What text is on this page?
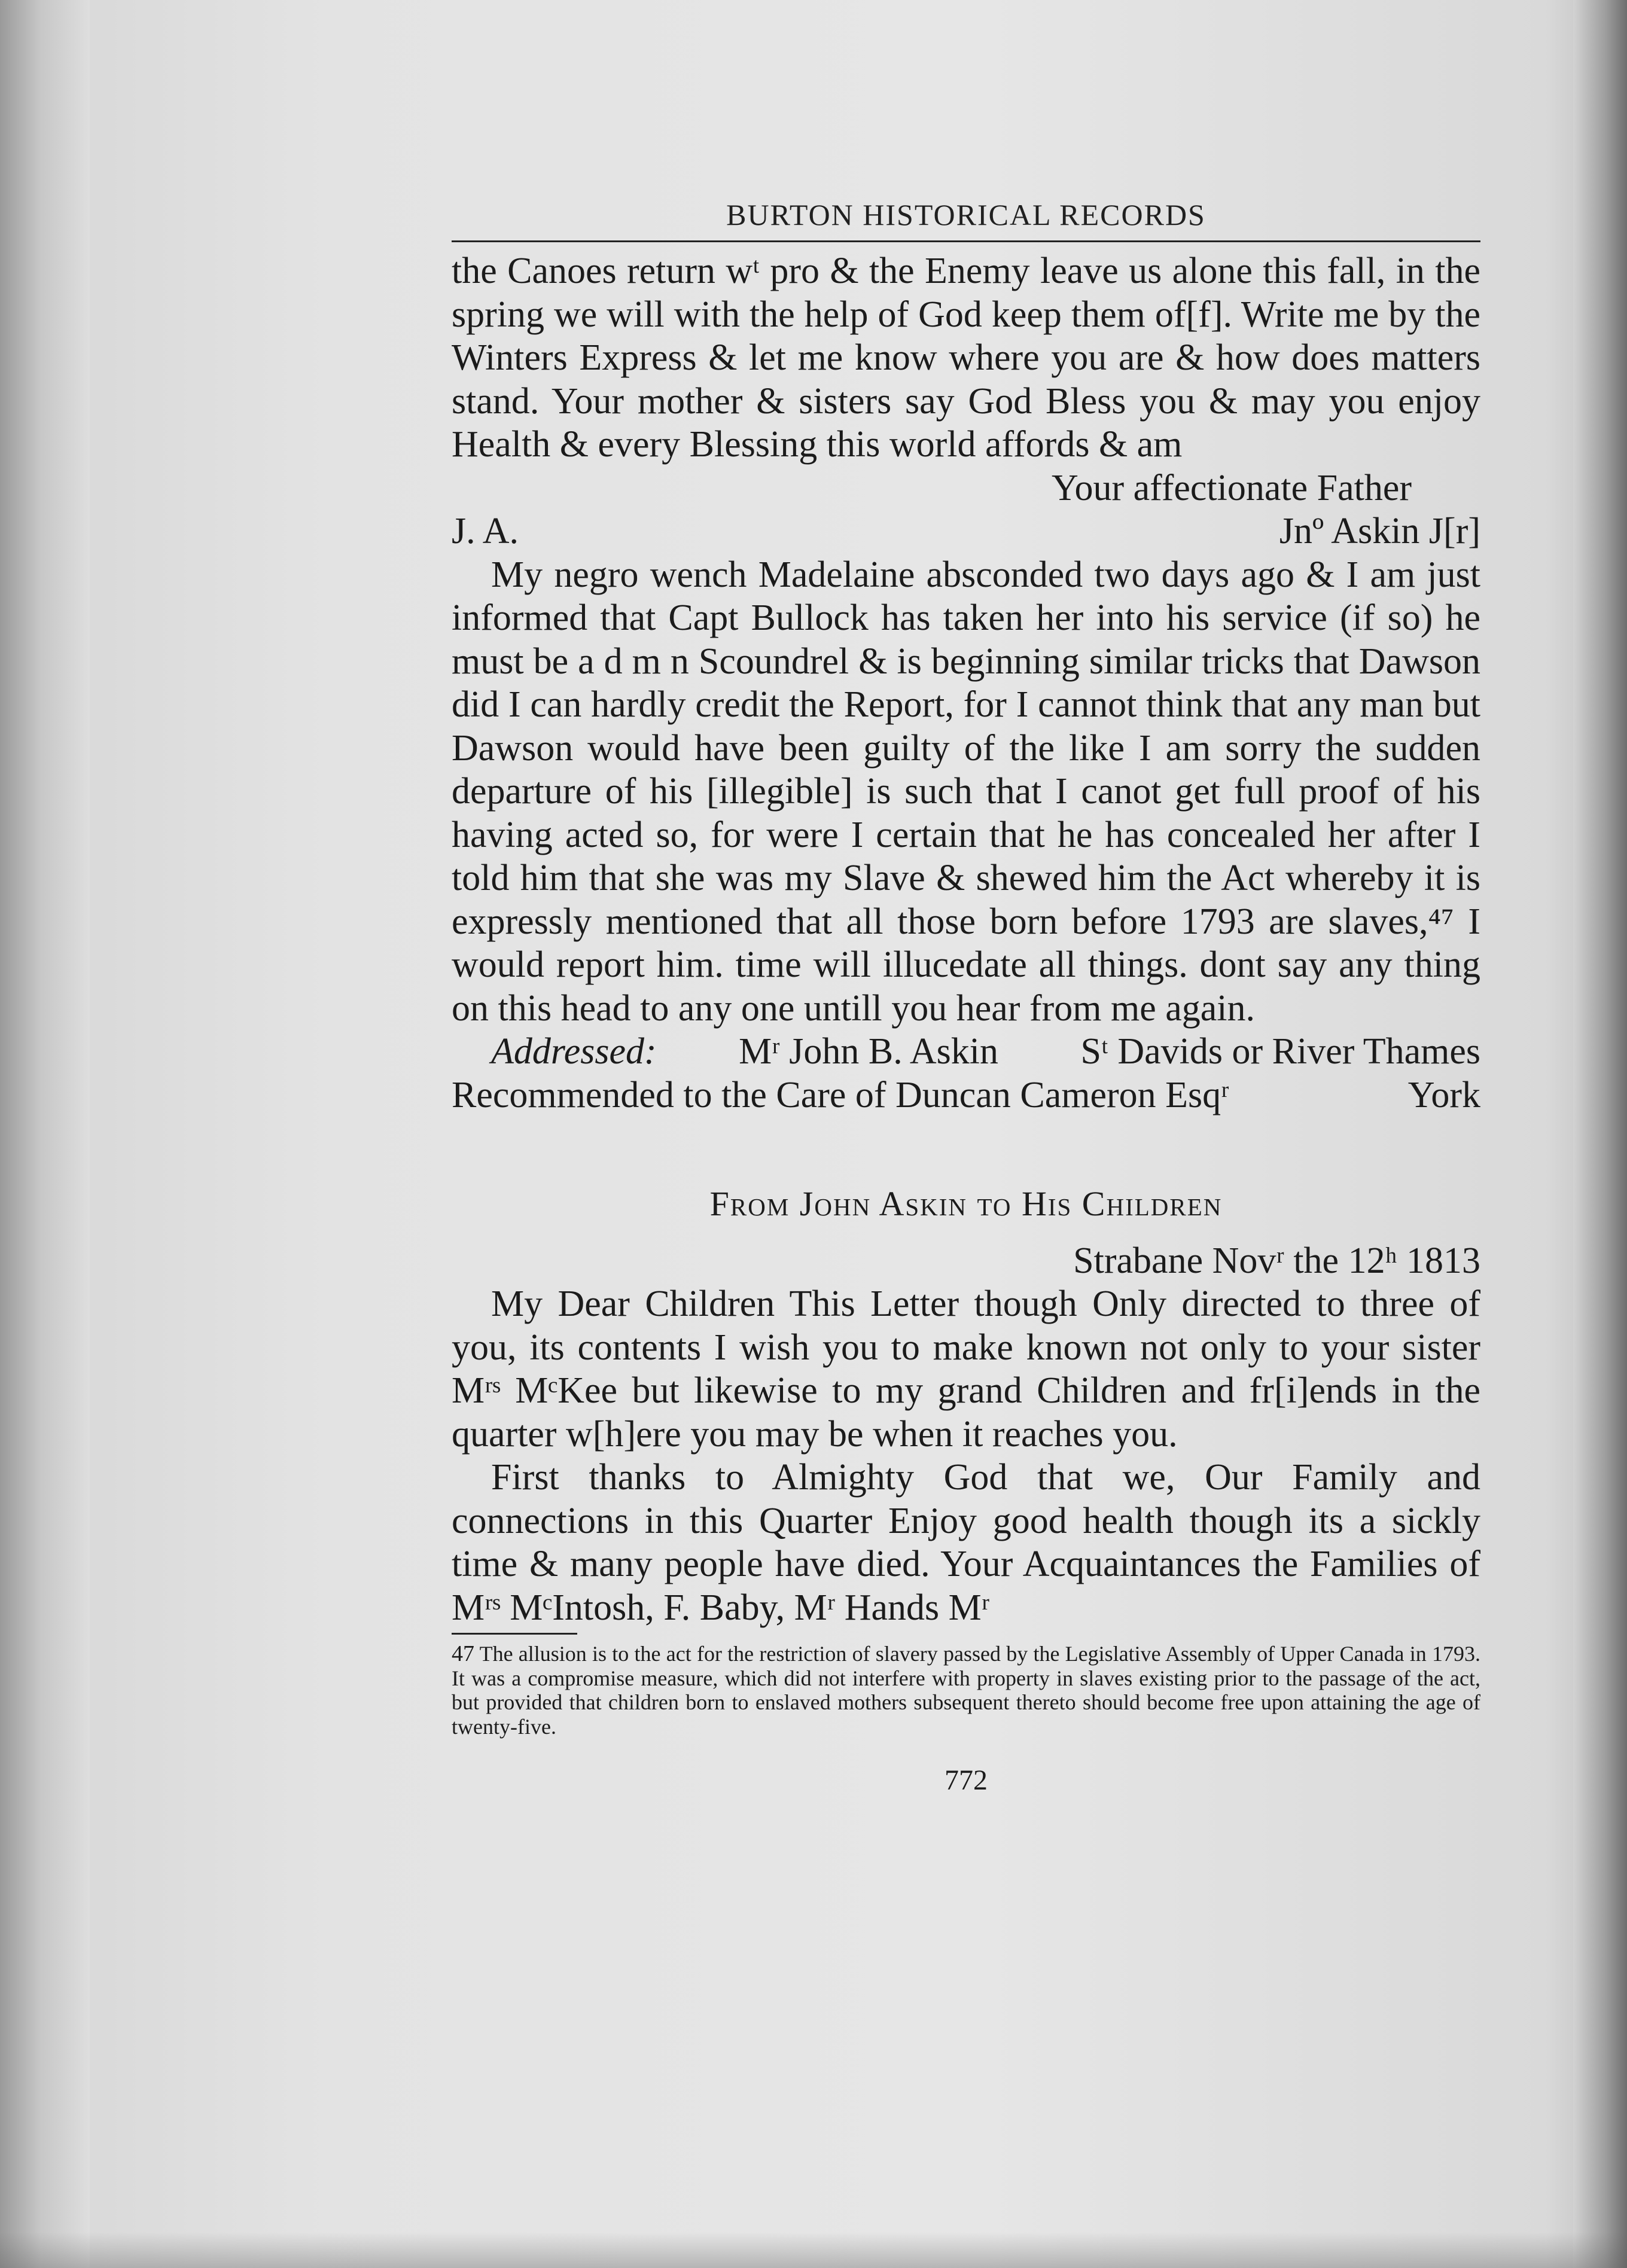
BURTON HISTORICAL RECORDS

the Canoes return wᵗ pro & the Enemy leave us alone this fall, in the spring we will with the help of God keep them of[f]. Write me by the Winters Express & let me know where you are & how does matters stand. Your mother & sisters say God Bless you & may you enjoy Health & every Blessing this world affords & am

Your affectionate Father

J. A.	Jnº Askin J[r]

My negro wench Madelaine absconded two days ago & I am just informed that Capt Bullock has taken her into his service (if so) he must be a d m n Scoundrel & is beginning similar tricks that Dawson did I can hardly credit the Report, for I cannot think that any man but Dawson would have been guilty of the like I am sorry the sudden departure of his [illegible] is such that I canot get full proof of his having acted so, for were I certain that he has concealed her after I told him that she was my Slave & shewed him the Act whereby it is expressly mentioned that all those born before 1793 are slaves,⁴⁷ I would report him. time will illucedate all things. dont say any thing on this head to any one untill you hear from me again.

Addressed: Mʳ John B. Askin Sᵗ Davids or River Thames
Recommended to the Care of Duncan Cameron Esqʳ	York
From John Askin to His Children

Strabane Novʳ the 12ʰ 1813

My Dear Children This Letter though Only directed to three of you, its contents I wish you to make known not only to your sister Mʳˢ MᶜKee but likewise to my grand Children and fr[i]ends in the quarter w[h]ere you may be when it reaches you.

First thanks to Almighty God that we, Our Family and connections in this Quarter Enjoy good health though its a sickly time & many people have died. Your Acquaintances the Families of Mʳˢ MᶜIntosh, F. Baby, Mʳ Hands Mʳ

47 The allusion is to the act for the restriction of slavery passed by the Legislative Assembly of Upper Canada in 1793. It was a compromise measure, which did not interfere with property in slaves existing prior to the passage of the act, but provided that children born to enslaved mothers subsequent thereto should become free upon attaining the age of twenty-five.
772
